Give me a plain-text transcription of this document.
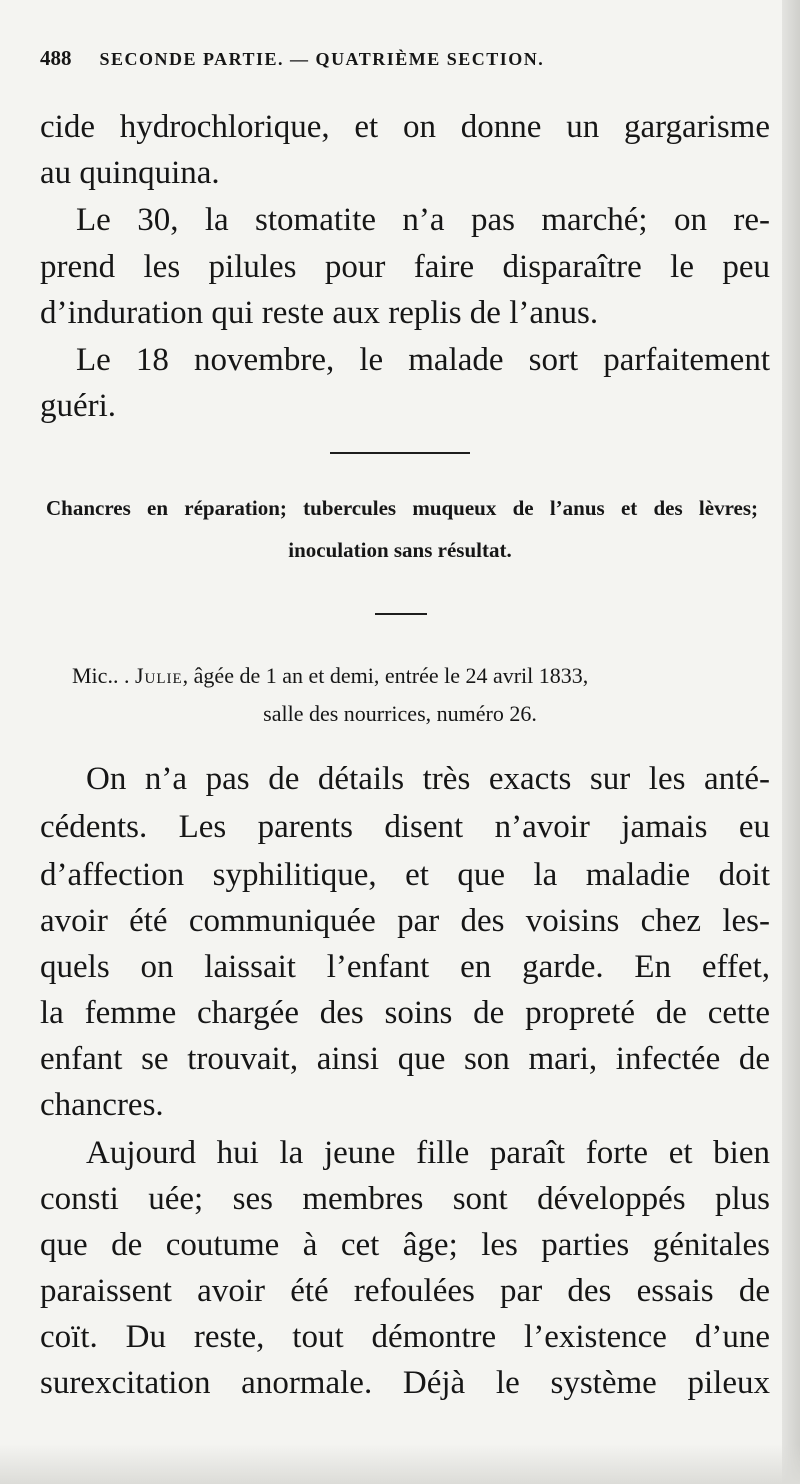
488 SECONDE PARTIE. — QUATRIÈME SECTION.
cide hydrochlorique, et on donne un gargarisme
au quinquina.
Le 30, la stomatite n’a pas marché; on re-
prend les pilules pour faire disparaître le peu
d’induration qui reste aux replis de l’anus.
Le 18 novembre, le malade sort parfaitement
guéri.
Chancres en réparation; tubercules muqueux de l’anus et des lèvres;
inoculation sans résultat.
Mic.. . Julie, âgée de 1 an et demi, entrée le 24 avril 1833,
salle des nourrices, numéro 26.
On n’a pas de détails très exacts sur les anté-
cédents. Les parents disent n’avoir jamais eu
d’affection syphilitique, et que la maladie doit
avoir été communiquée par des voisins chez les-
quels on laissait l’enfant en garde. En effet,
la femme chargée des soins de propreté de cette
enfant se trouvait, ainsi que son mari, infectée de
chancres.
Aujourd hui la jeune fille paraît forte et bien
consti uée; ses membres sont développés plus
que de coutume à cet âge; les parties génitales
paraissent avoir été refoulées par des essais de
coït. Du reste, tout démontre l’existence d’une
surexcitation anormale. Déjà le système pileux
